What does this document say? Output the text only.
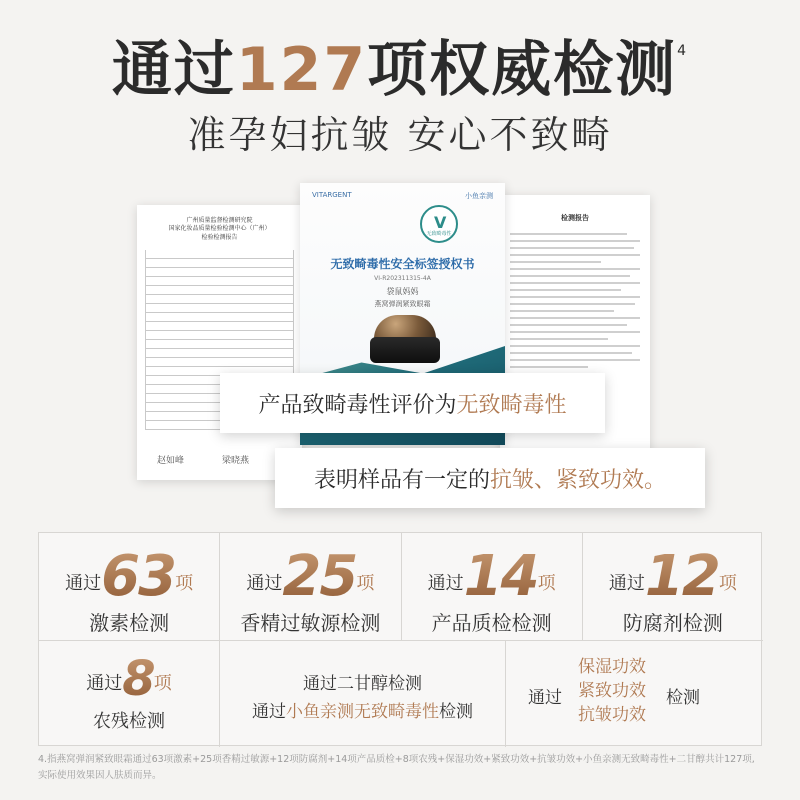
通过127项权威检测$^4$
准孕妇抗皱 安心不致畸
广州质量监督检测研究院
国家化妆品质量检验检测中心（广州）
检验检测报告
赵如峰	梁晓燕
检测报告
VITARGENT	小鱼亲测
V
无致畸毒性
无致畸毒性安全标签授权书
VI-R202311315-4A
袋鼠妈妈
燕窝弹润紧致眼霜
产品致畸毒性评价为 无致畸毒性
表明样品有一定的 抗皱、紧致功效。
通过63项
激素检测
通过25项
香精过敏源检测
通过14项
产品质检检测
通过12项
防腐剂检测
通过8项
农残检测
通过二甘醇检测
通过小鱼亲测无致畸毒性检测
通过
保湿功效
紧致功效
抗皱功效
检测
4.指燕窝弹润紧致眼霜通过63项激素+25项香精过敏源+12项防腐剂+14项产品质检+8项农残+保湿功效+紧致功效+抗皱功效+小鱼亲测无致畸毒性+二甘醇共计127项,
实际使用效果因人肤质而异。
